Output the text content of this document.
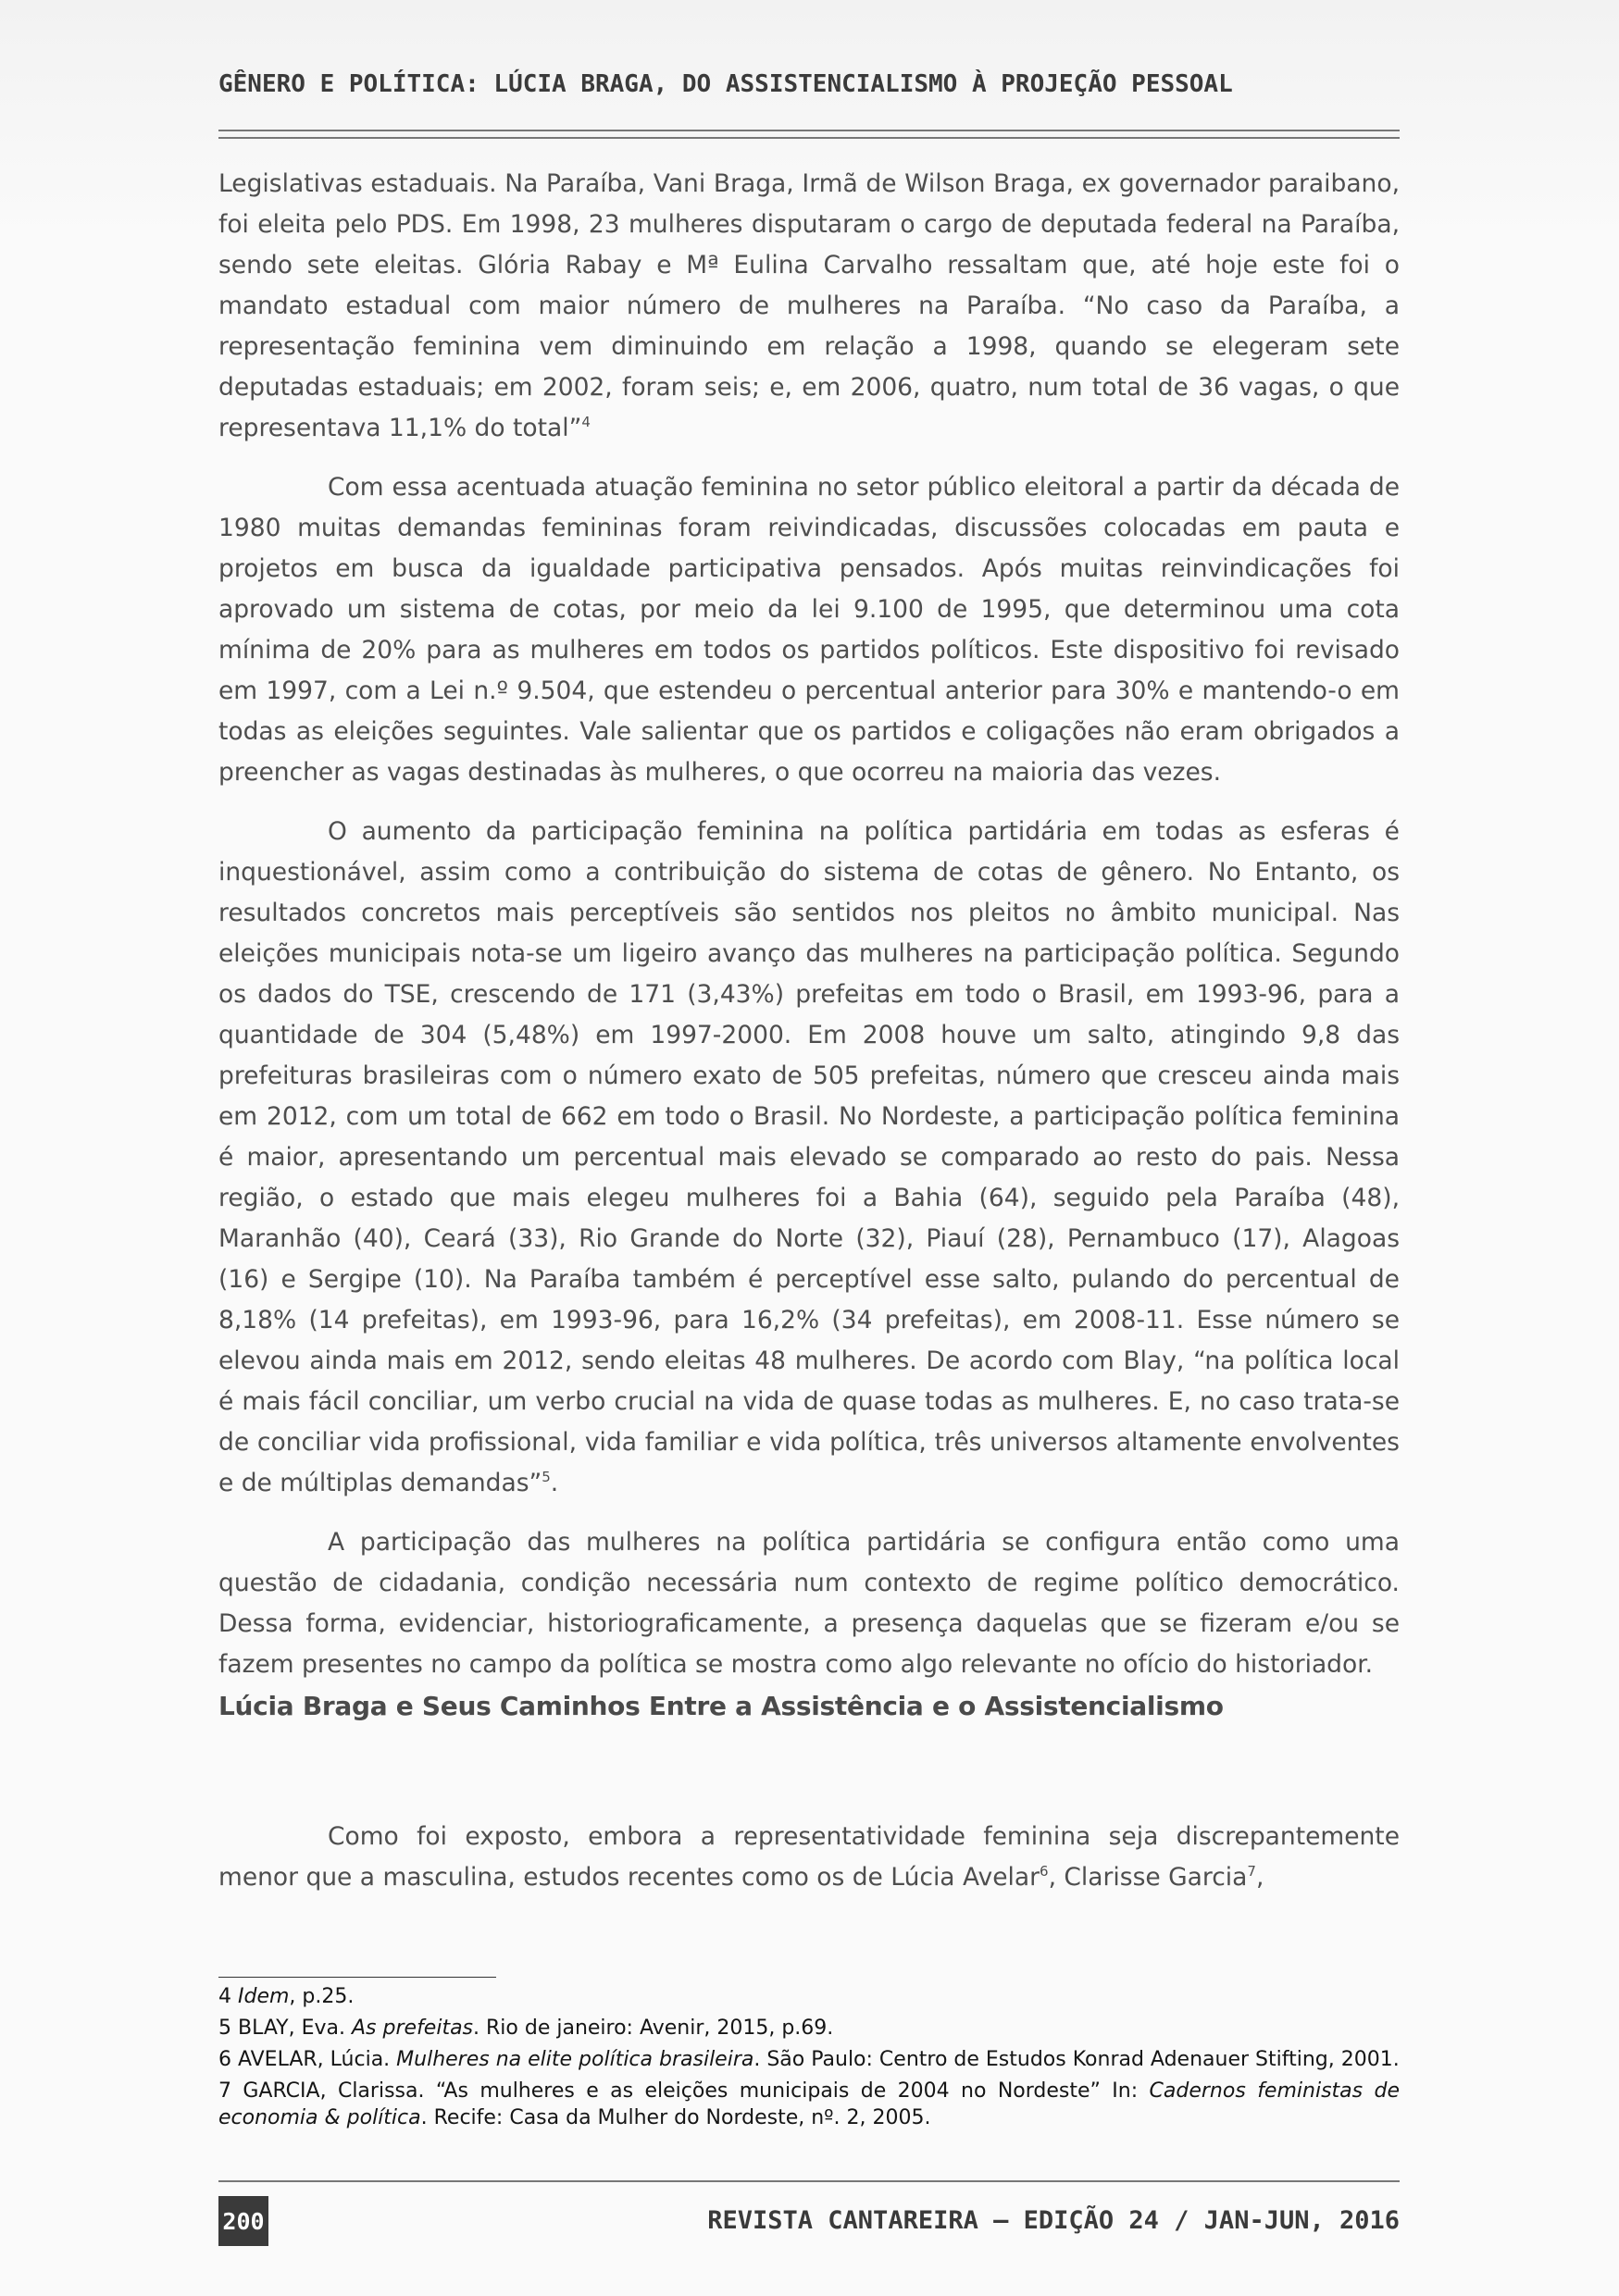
GÊNERO E POLÍTICA: LÚCIA BRAGA, DO ASSISTENCIALISMO À PROJEÇÃO PESSOAL

Legislativas estaduais. Na Paraíba, Vani Braga, Irmã de Wilson Braga, ex governador paraibano, foi eleita pelo PDS. Em 1998, 23 mulheres disputaram o cargo de deputada federal na Paraíba, sendo sete eleitas. Glória Rabay e Mª Eulina Carvalho ressaltam que, até hoje este foi o mandato estadual com maior número de mulheres na Paraíba. “No caso da Paraíba, a representação feminina vem diminuindo em relação a 1998, quando se elegeram sete deputadas estaduais; em 2002, foram seis; e, em 2006, quatro, num total de 36 vagas, o que representava 11,1% do total”$^4$

Com essa acentuada atuação feminina no setor público eleitoral a partir da década de 1980 muitas demandas femininas foram reivindicadas, discussões colocadas em pauta e projetos em busca da igualdade participativa pensados. Após muitas reinvindicações foi aprovado um sistema de cotas, por meio da lei 9.100 de 1995, que determinou uma cota mínima de 20% para as mulheres em todos os partidos políticos. Este dispositivo foi revisado em 1997, com a Lei n.º 9.504, que estendeu o percentual anterior para 30% e mantendo-o em todas as eleições seguintes. Vale salientar que os partidos e coligações não eram obrigados a preencher as vagas destinadas às mulheres, o que ocorreu na maioria das vezes.

O aumento da participação feminina na política partidária em todas as esferas é inquestionável, assim como a contribuição do sistema de cotas de gênero. No Entanto, os resultados concretos mais perceptíveis são sentidos nos pleitos no âmbito municipal. Nas eleições municipais nota-se um ligeiro avanço das mulheres na participação política. Segundo os dados do TSE, crescendo de 171 (3,43%) prefeitas em todo o Brasil, em 1993-96, para a quantidade de 304 (5,48%) em 1997-2000. Em 2008 houve um salto, atingindo 9,8 das prefeituras brasileiras com o número exato de 505 prefeitas, número que cresceu ainda mais em 2012, com um total de 662 em todo o Brasil. No Nordeste, a participação política feminina é maior, apresentando um percentual mais elevado se comparado ao resto do pais. Nessa região, o estado que mais elegeu mulheres foi a Bahia (64), seguido pela Paraíba (48), Maranhão (40), Ceará (33), Rio Grande do Norte (32), Piauí (28), Pernambuco (17), Alagoas (16) e Sergipe (10). Na Paraíba também é perceptível esse salto, pulando do percentual de 8,18% (14 prefeitas), em 1993-96, para 16,2% (34 prefeitas), em 2008-11. Esse número se elevou ainda mais em 2012, sendo eleitas 48 mulheres. De acordo com Blay, “na política local é mais fácil conciliar, um verbo crucial na vida de quase todas as mulheres. E, no caso trata-se de conciliar vida profissional, vida familiar e vida política, três universos altamente envolventes e de múltiplas demandas”$^5$.

A participação das mulheres na política partidária se configura então como uma questão de cidadania, condição necessária num contexto de regime político democrático. Dessa forma, evidenciar, historiograficamente, a presença daquelas que se fizeram e/ou se fazem presentes no campo da política se mostra como algo relevante no ofício do historiador.

Lúcia Braga e Seus Caminhos Entre a Assistência e o Assistencialismo

Como foi exposto, embora a representatividade feminina seja discrepantemente menor que a masculina, estudos recentes como os de Lúcia Avelar$^6$, Clarisse Garcia$^7$,

4 Idem, p.25.

5 BLAY, Eva. As prefeitas. Rio de janeiro: Avenir, 2015, p.69.

6 AVELAR, Lúcia. Mulheres na elite política brasileira. São Paulo: Centro de Estudos Konrad Adenauer Stifting, 2001.

7 GARCIA, Clarissa. “As mulheres e as eleições municipais de 2004 no Nordeste” In: Cadernos feministas de economia & política. Recife: Casa da Mulher do Nordeste, nº. 2, 2005.

200	REVISTA CANTAREIRA – EDIÇÃO 24 / JAN-JUN, 2016
